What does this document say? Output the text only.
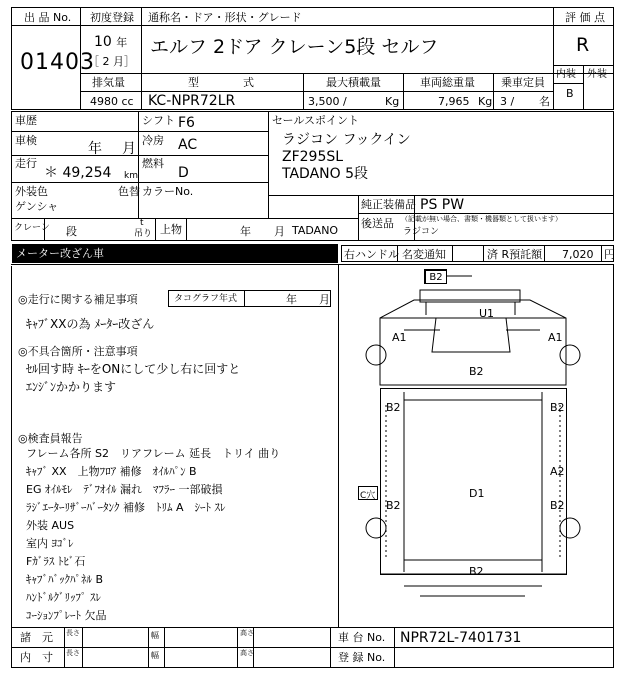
出 品 No.
01403
初度登録
10 年
［ 2 月］
通称名・ドア・形状・グレード
エルフ 2ドア クレーン5段 セルフ
評 価 点
R
内装 外装
B
排気量
4980 cc
型　　　　式
KC-NPR72LR
最大積載量
3,500 /	Kg
車両総重量
7,965 Kg
乗車定員
3 / 名
車歴	シフト F6
車検
年 月
冷房 AC
走行
＊ 49,254 km
燃料
D
外装色
ゲンシャ
色替 カラーNo.
セールスポイント
ラジコン フックイン
ZF295SL
TADANO 5段
クレーン 段
t
吊り 上物	年 月 TADANO
純正装備品 PS PW
後送品 （記載が無い場合、書類・機器類として扱います）
ラジコン
メーター改ざん車	右ハンドル 名変通知	済 R預託額 7,020 円
◎走行に関する補足事項	タコグラフ年式	年 月
ｷｬﾌﾞXXの為 ﾒｰﾀｰ改ざん
◎不具合箇所・注意事項
ｾﾙ回す時 ｷｰをONにして少し右に回すと
ｴﾝｼﾞﾝかかります
◎検査員報告
フレーム各所 S2　リアフレーム 延長　トリイ 曲り
ｷｬﾌﾞ XX　上物ﾌﾛｱ 補修　ｵｲﾙﾊﾟﾝ B
EG ｵｲﾙﾓﾚ　ﾃﾞﾌｵｲﾙ 漏れ　ﾏﾌﾗｰ 一部破損
ﾗｼﾞｴｰﾀｰﾘｻﾞｰﾊﾞｰﾀﾝｸ 補修　ﾄﾘﾑ A　ｼｰﾄ ｽﾚ
外装 AUS
室内 ﾖｺﾞﾚ
Fｶﾞﾗｽ ﾄﾋﾞ石
ｷｬﾌﾞﾊﾞｯｸﾊﾟﾈﾙ B
ﾊﾝﾄﾞﾙｸﾞﾘｯﾌﾟ ｽﾚ
ｺｰｼｮﾝﾌﾟﾚｰﾄ 欠品
B2
U1
A1	A1
B2
B2	B2
A2
D1
C穴
B2	B2
B2
諸　元 長さ	幅	高さ
内　寸 長さ	幅	高さ
車 台 No. NPR72L-7401731
登 録 No.
